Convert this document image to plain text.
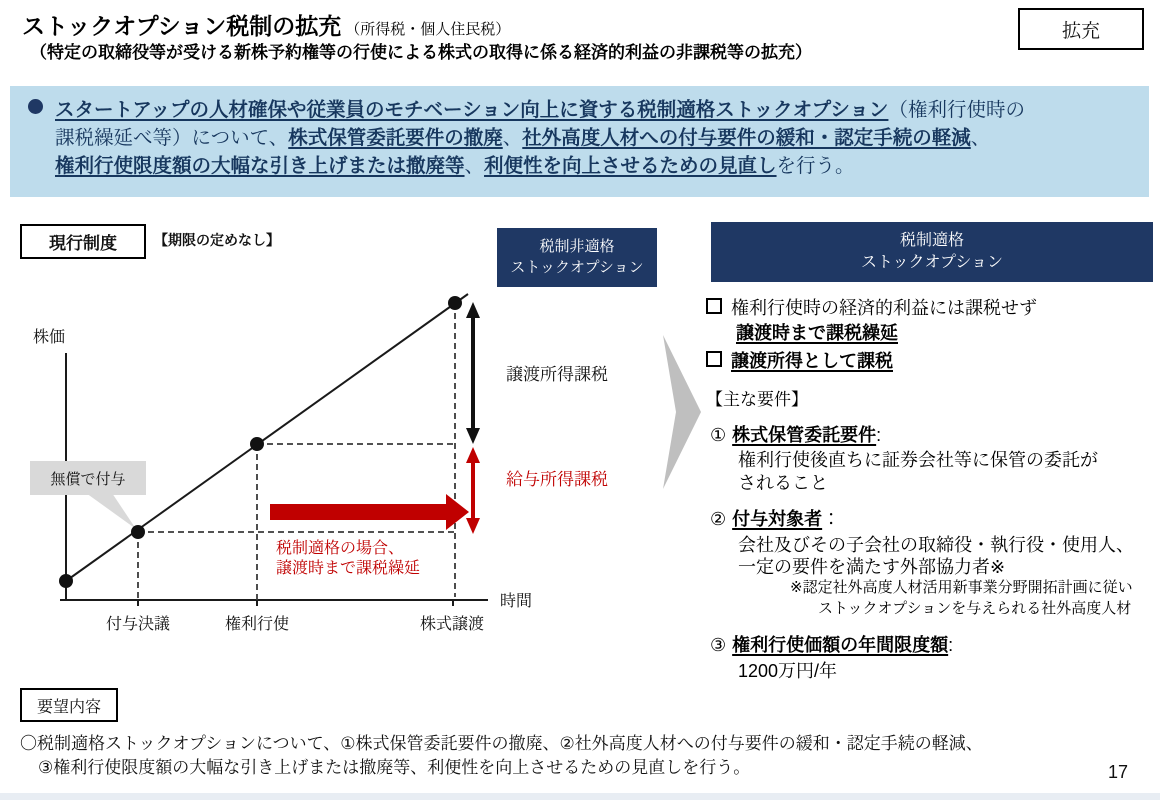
ストックオプション税制の拡充 （所得税・個人住民税）
（特定の取締役等が受ける新株予約権等の行使による株式の取得に係る経済的利益の非課税等の拡充）
拡充
スタートアップの人材確保や従業員のモチベーション向上に資する税制適格ストックオプション（権利行使時の
課税繰延べ等）について、株式保管委託要件の撤廃、社外高度人材への付与要件の緩和・認定手続の軽減、
権利行使限度額の大幅な引き上げまたは撤廃等、利便性を向上させるための見直しを行う。
現行制度	【期限の定めなし】	税制非適格
ストックオプション
税制適格
ストックオプション
無償で付与
株価
時間
付与決議	権利行使	株式譲渡
譲渡所得課税
給与所得課税
税制適格の場合、
譲渡時まで課税繰延
権利行使時の経済的利益には課税せず
譲渡時まで課税繰延
譲渡所得として課税
【主な要件】
① 株式保管委託要件:
権利行使後直ちに証券会社等に保管の委託が
されること
② 付与対象者：
会社及びその子会社の取締役・執行役・使用人、
一定の要件を満たす外部協力者※
※認定社外高度人材活用新事業分野開拓計画に従い
ストックオプションを与えられる社外高度人材
③ 権利行使価額の年間限度額:
1200万円/年
要望内容
〇税制適格ストックオプションについて、①株式保管委託要件の撤廃、②社外高度人材への付与要件の緩和・認定手続の軽減、
③権利行使限度額の大幅な引き上げまたは撤廃等、利便性を向上させるための見直しを行う。	17
